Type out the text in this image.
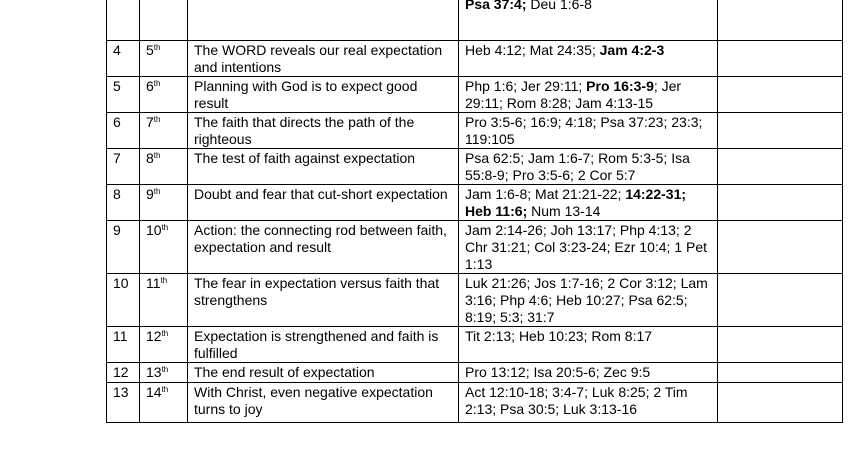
			Psa 37:4; Deu 1:6-8	
4	5th	The WORD reveals our real expectation and intentions	Heb 4:12; Mat 24:35; Jam 4:2-3	
5	6th	Planning with God is to expect good result	Php 1:6; Jer 29:11; Pro 16:3-9; Jer 29:11; Rom 8:28; Jam 4:13-15	
6	7th	The faith that directs the path of the righteous	Pro 3:5-6; 16:9; 4:18; Psa 37:23; 23:3; 119:105	
7	8th	The test of faith against expectation	Psa 62:5; Jam 1:6-7; Rom 5:3-5; Isa 55:8-9; Pro 3:5-6; 2 Cor 5:7	
8	9th	Doubt and fear that cut-short expectation	Jam 1:6-8; Mat 21:21-22; 14:22-31; Heb 11:6; Num 13-14	
9	10th	Action: the connecting rod between faith, expectation and result	Jam 2:14-26; Joh 13:17; Php 4:13; 2 Chr 31:21; Col 3:23-24; Ezr 10:4; 1 Pet 1:13	
10	11th	The fear in expectation versus faith that strengthens	Luk 21:26; Jos 1:7-16; 2 Cor 3:12; Lam 3:16; Php 4:6; Heb 10:27; Psa 62:5; 8:19; 5:3; 31:7	
11	12th	Expectation is strengthened and faith is fulfilled	Tit 2:13; Heb 10:23; Rom 8:17	
12	13th	The end result of expectation	Pro 13:12; Isa 20:5-6; Zec 9:5	
13	14th	With Christ, even negative expectation turns to joy	Act 12:10-18; 3:4-7; Luk 8:25; 2 Tim 2:13; Psa 30:5; Luk 3:13-16	
